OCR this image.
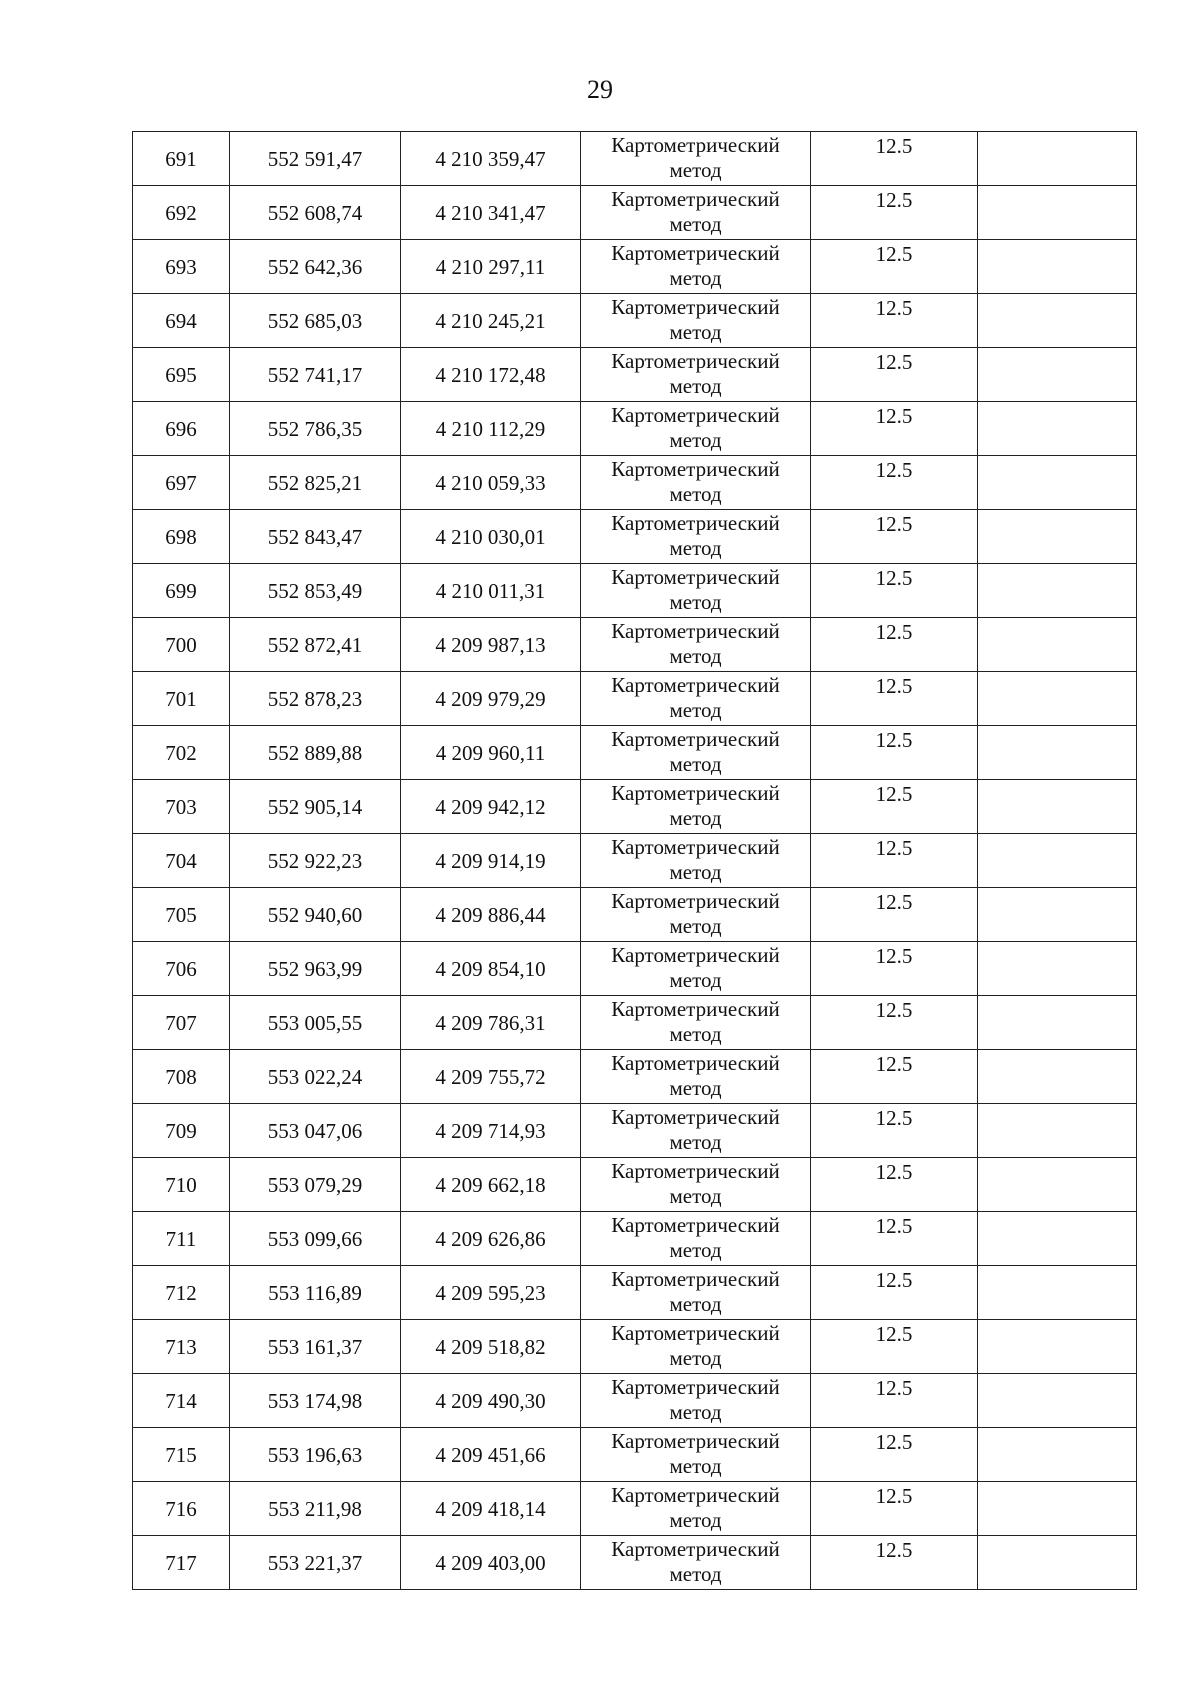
29
691	552 591,47	4 210 359,47	Картометрический
метод	12.5	
692	552 608,74	4 210 341,47	Картометрический
метод	12.5	
693	552 642,36	4 210 297,11	Картометрический
метод	12.5	
694	552 685,03	4 210 245,21	Картометрический
метод	12.5	
695	552 741,17	4 210 172,48	Картометрический
метод	12.5	
696	552 786,35	4 210 112,29	Картометрический
метод	12.5	
697	552 825,21	4 210 059,33	Картометрический
метод	12.5	
698	552 843,47	4 210 030,01	Картометрический
метод	12.5	
699	552 853,49	4 210 011,31	Картометрический
метод	12.5	
700	552 872,41	4 209 987,13	Картометрический
метод	12.5	
701	552 878,23	4 209 979,29	Картометрический
метод	12.5	
702	552 889,88	4 209 960,11	Картометрический
метод	12.5	
703	552 905,14	4 209 942,12	Картометрический
метод	12.5	
704	552 922,23	4 209 914,19	Картометрический
метод	12.5	
705	552 940,60	4 209 886,44	Картометрический
метод	12.5	
706	552 963,99	4 209 854,10	Картометрический
метод	12.5	
707	553 005,55	4 209 786,31	Картометрический
метод	12.5	
708	553 022,24	4 209 755,72	Картометрический
метод	12.5	
709	553 047,06	4 209 714,93	Картометрический
метод	12.5	
710	553 079,29	4 209 662,18	Картометрический
метод	12.5	
711	553 099,66	4 209 626,86	Картометрический
метод	12.5	
712	553 116,89	4 209 595,23	Картометрический
метод	12.5	
713	553 161,37	4 209 518,82	Картометрический
метод	12.5	
714	553 174,98	4 209 490,30	Картометрический
метод	12.5	
715	553 196,63	4 209 451,66	Картометрический
метод	12.5	
716	553 211,98	4 209 418,14	Картометрический
метод	12.5	
717	553 221,37	4 209 403,00	Картометрический
метод	12.5	
